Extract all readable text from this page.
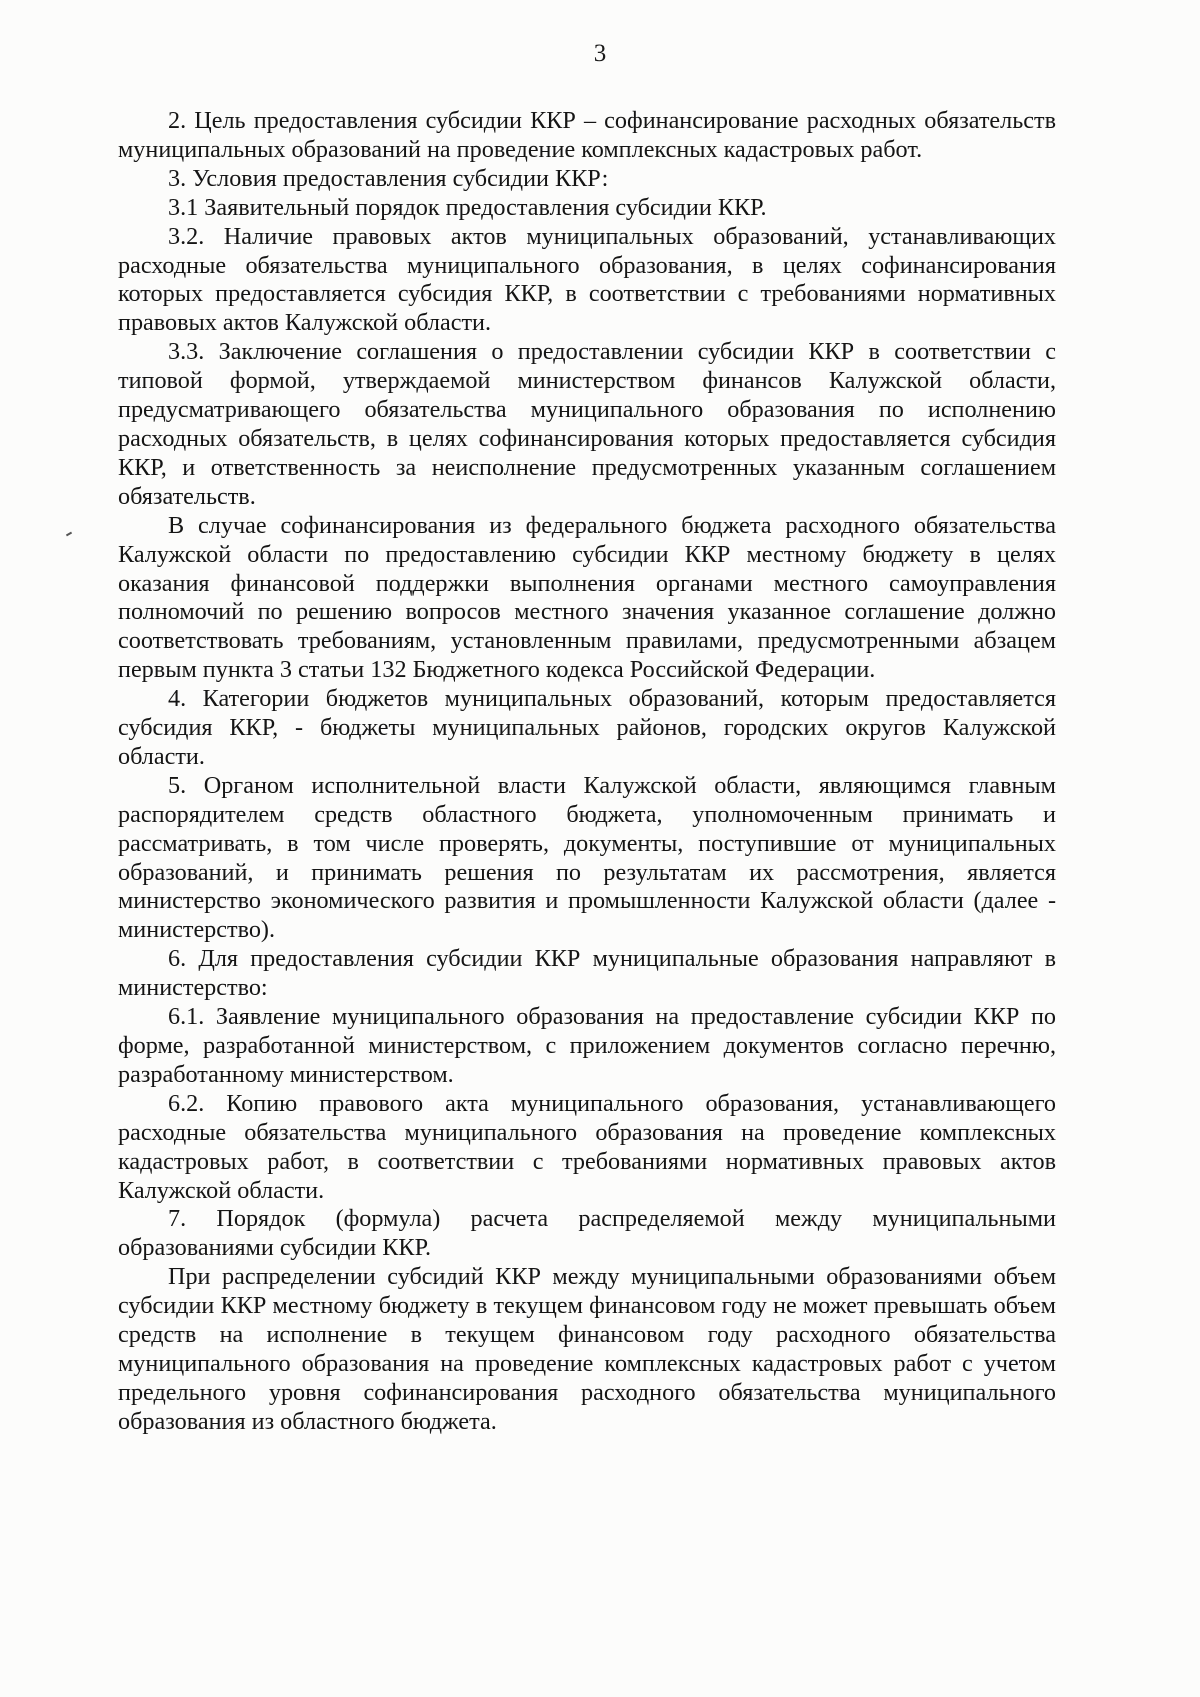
3

2. Цель предоставления субсидии ККР – софинансирование расходных обязательств муниципальных образований на проведение комплексных кадастровых работ.

3. Условия предоставления субсидии ККР:

3.1 Заявительный порядок предоставления субсидии ККР.

3.2. Наличие правовых актов муниципальных образований, устанавливающих расходные обязательства муниципального образования, в целях софинансирования которых предоставляется субсидия ККР, в соответствии с требованиями нормативных правовых актов Калужской области.

3.3. Заключение соглашения о предоставлении субсидии ККР в соответствии с типовой формой, утверждаемой министерством финансов Калужской области, предусматривающего обязательства муниципального образования по исполнению расходных обязательств, в целях софинансирования которых предоставляется субсидия ККР, и ответственность за неисполнение предусмотренных указанным соглашением обязательств.

В случае софинансирования из федерального бюджета расходного обязательства Калужской области по предоставлению субсидии ККР местному бюджету в целях оказания финансовой поддержки выполнения органами местного самоуправления полномочий по решению вопросов местного значения указанное соглашение должно соответствовать требованиям, установленным правилами, предусмотренными абзацем первым пункта 3 статьи 132 Бюджетного кодекса Российской Федерации.

4. Категории бюджетов муниципальных образований, которым предоставляется субсидия ККР, - бюджеты муниципальных районов, городских округов Калужской области.

5. Органом исполнительной власти Калужской области, являющимся главным распорядителем средств областного бюджета, уполномоченным принимать и рассматривать, в том числе проверять, документы, поступившие от муниципальных образований, и принимать решения по результатам их рассмотрения, является министерство экономического развития и промышленности Калужской области (далее - министерство).

6. Для предоставления субсидии ККР муниципальные образования направляют в министерство:

6.1. Заявление муниципального образования на предоставление субсидии ККР по форме, разработанной министерством, с приложением документов согласно перечню, разработанному министерством.

6.2. Копию правового акта муниципального образования, устанавливающего расходные обязательства муниципального образования на проведение комплексных кадастровых работ, в соответствии с требованиями нормативных правовых актов Калужской области.

7. Порядок (формула) расчета распределяемой между муниципальными образованиями субсидии ККР.

При распределении субсидий ККР между муниципальными образованиями объем субсидии ККР местному бюджету в текущем финансовом году не может превышать объем средств на исполнение в текущем финансовом году расходного обязательства муниципального образования на проведение комплексных кадастровых работ с учетом предельного уровня софинансирования расходного обязательства муниципального образования из областного бюджета.
